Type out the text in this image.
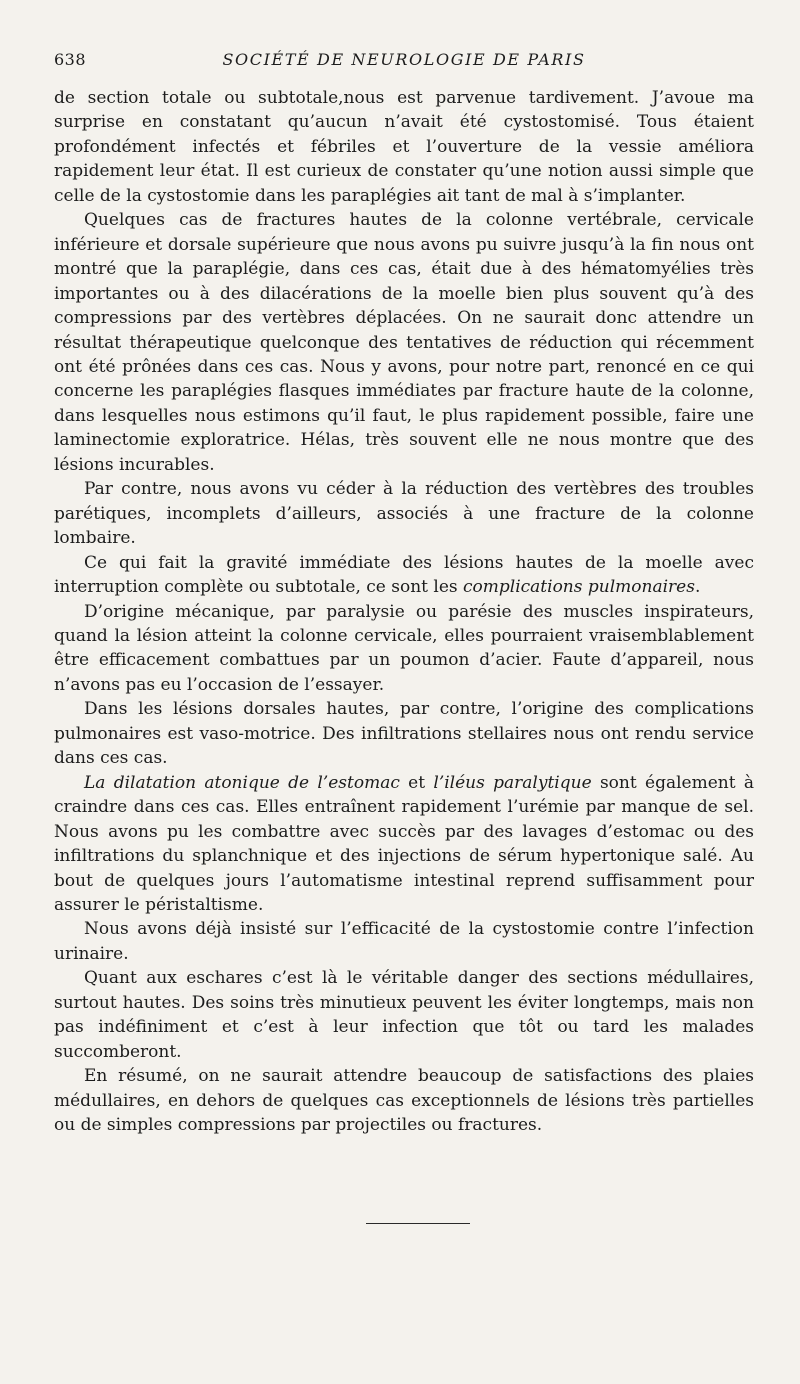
638	SOCIÉTÉ DE NEUROLOGIE DE PARIS

de section totale ou subtotale,nous est parvenue tardivement. J’avoue ma surprise en constatant qu’aucun n’avait été cystostomisé. Tous étaient profondément infectés et fébriles et l’ouverture de la vessie améliora rapidement leur état. Il est curieux de constater qu’une notion aussi simple que celle de la cystostomie dans les paraplégies ait tant de mal à s’implanter.

Quelques cas de fractures hautes de la colonne vertébrale, cervicale inférieure et dorsale supérieure que nous avons pu suivre jusqu’à la fin nous ont montré que la paraplégie, dans ces cas, était due à des hématomyélies très importantes ou à des dilacérations de la moelle bien plus souvent qu’à des compressions par des vertèbres déplacées. On ne saurait donc attendre un résultat thérapeutique quelconque des tentatives de réduction qui récemment ont été prônées dans ces cas. Nous y avons, pour notre part, renoncé en ce qui concerne les paraplégies flasques immédiates par fracture haute de la colonne, dans lesquelles nous estimons qu’il faut, le plus rapidement possible, faire une laminectomie exploratrice. Hélas, très souvent elle ne nous montre que des lésions incurables.

Par contre, nous avons vu céder à la réduction des vertèbres des troubles parétiques, incomplets d’ailleurs, associés à une fracture de la colonne lombaire.

Ce qui fait la gravité immédiate des lésions hautes de la moelle avec interruption complète ou subtotale, ce sont les complications pulmonaires.

D’origine mécanique, par paralysie ou parésie des muscles inspirateurs, quand la lésion atteint la colonne cervicale, elles pourraient vraisemblablement être efficacement combattues par un poumon d’acier. Faute d’appareil, nous n’avons pas eu l’occasion de l’essayer.

Dans les lésions dorsales hautes, par contre, l’origine des complications pulmonaires est vaso-motrice. Des infiltrations stellaires nous ont rendu service dans ces cas.

La dilatation atonique de l’estomac et l’iléus paralytique sont également à craindre dans ces cas. Elles entraînent rapidement l’urémie par manque de sel. Nous avons pu les combattre avec succès par des lavages d’estomac ou des infiltrations du splanchnique et des injections de sérum hypertonique salé. Au bout de quelques jours l’automatisme intestinal reprend suffisamment pour assurer le péristaltisme.

Nous avons déjà insisté sur l’efficacité de la cystostomie contre l’infection urinaire.

Quant aux eschares c’est là le véritable danger des sections médullaires, surtout hautes. Des soins très minutieux peuvent les éviter longtemps, mais non pas indéfiniment et c’est à leur infection que tôt ou tard les malades succomberont.

En résumé, on ne saurait attendre beaucoup de satisfactions des plaies médullaires, en dehors de quelques cas exceptionnels de lésions très partielles ou de simples compressions par projectiles ou fractures.
